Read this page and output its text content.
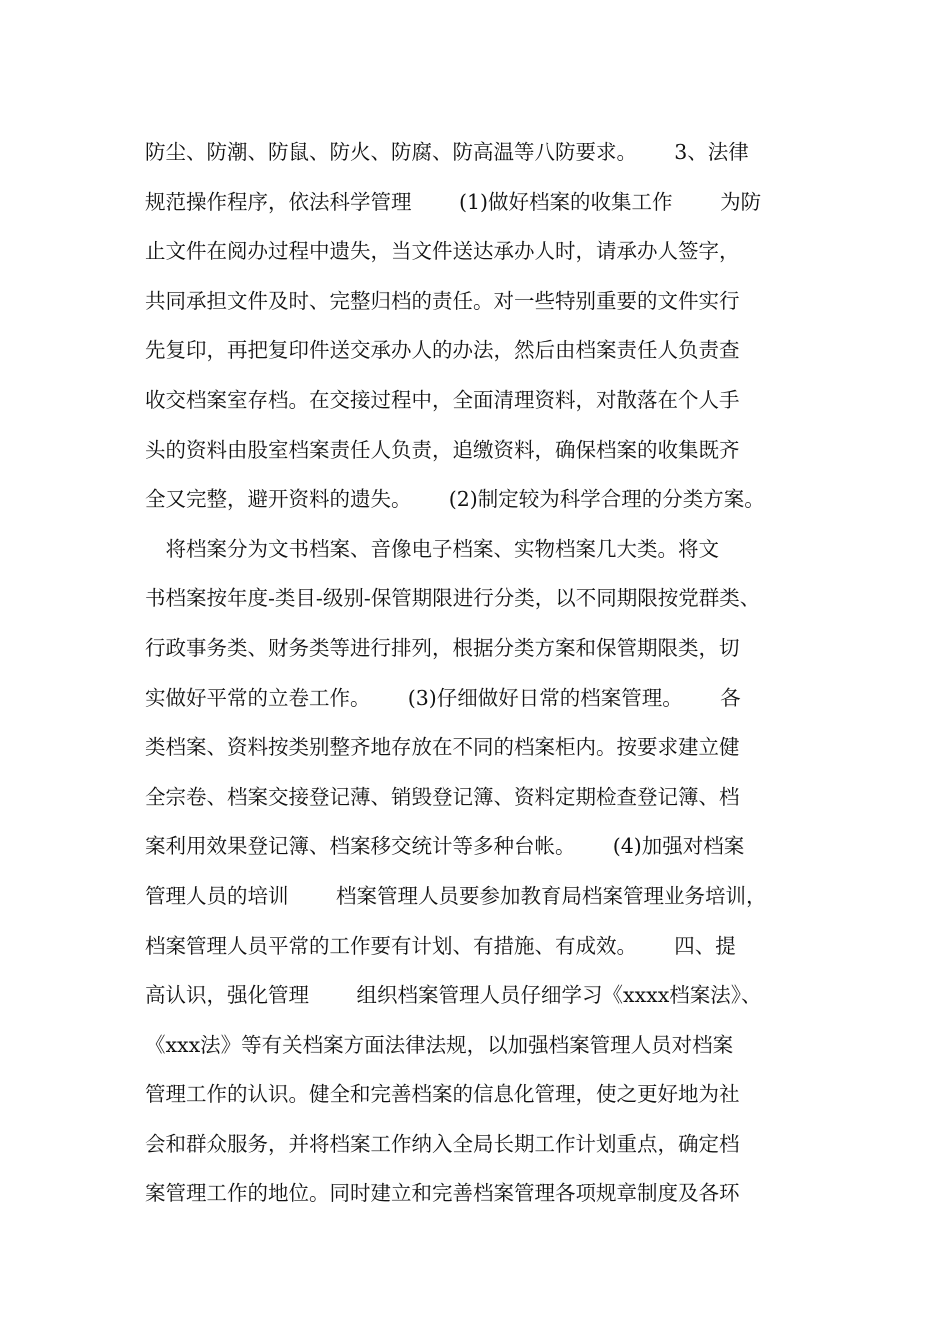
防尘、防潮、防鼠、防火、防腐、防高温等八防要求。　　 3、法律
规范操作程序，依法科学管理　　 (1)做好档案的收集工作　　 为防
止文件在阅办过程中遗失，当文件送达承办人时，请承办人签字，
共同承担文件及时、完整归档的责任。对一些特别重要的文件实行
先复印，再把复印件送交承办人的办法，然后由档案责任人负责查
收交档案室存档。在交接过程中，全面清理资料，对散落在个人手
头的资料由股室档案责任人负责，追缴资料，确保档案的收集既齐
全又完整，避开资料的遗失。　　 (2)制定较为科学合理的分类方案。
　将档案分为文书档案、音像电子档案、实物档案几大类。将文
书档案按年度-类目-级别-保管期限进行分类，以不同期限按党群类、
行政事务类、财务类等进行排列，根据分类方案和保管期限类，切
实做好平常的立卷工作。　　 (3)仔细做好日常的档案管理。　　 各
类档案、资料按类别整齐地存放在不同的档案柜内。按要求建立健
全宗卷、档案交接登记薄、销毁登记簿、资料定期检查登记簿、档
案利用效果登记簿、档案移交统计等多种台帐。　　 (4)加强对档案
管理人员的培训　　 档案管理人员要参加教育局档案管理业务培训，
档案管理人员平常的工作要有计划、有措施、有成效。　　 四、提
高认识，强化管理　　 组织档案管理人员仔细学习《xxxx档案法》、
《xxx法》等有关档案方面法律法规，以加强档案管理人员对档案
管理工作的认识。健全和完善档案的信息化管理，使之更好地为社
会和群众服务，并将档案工作纳入全局长期工作计划重点，确定档
案管理工作的地位。同时建立和完善档案管理各项规章制度及各环
